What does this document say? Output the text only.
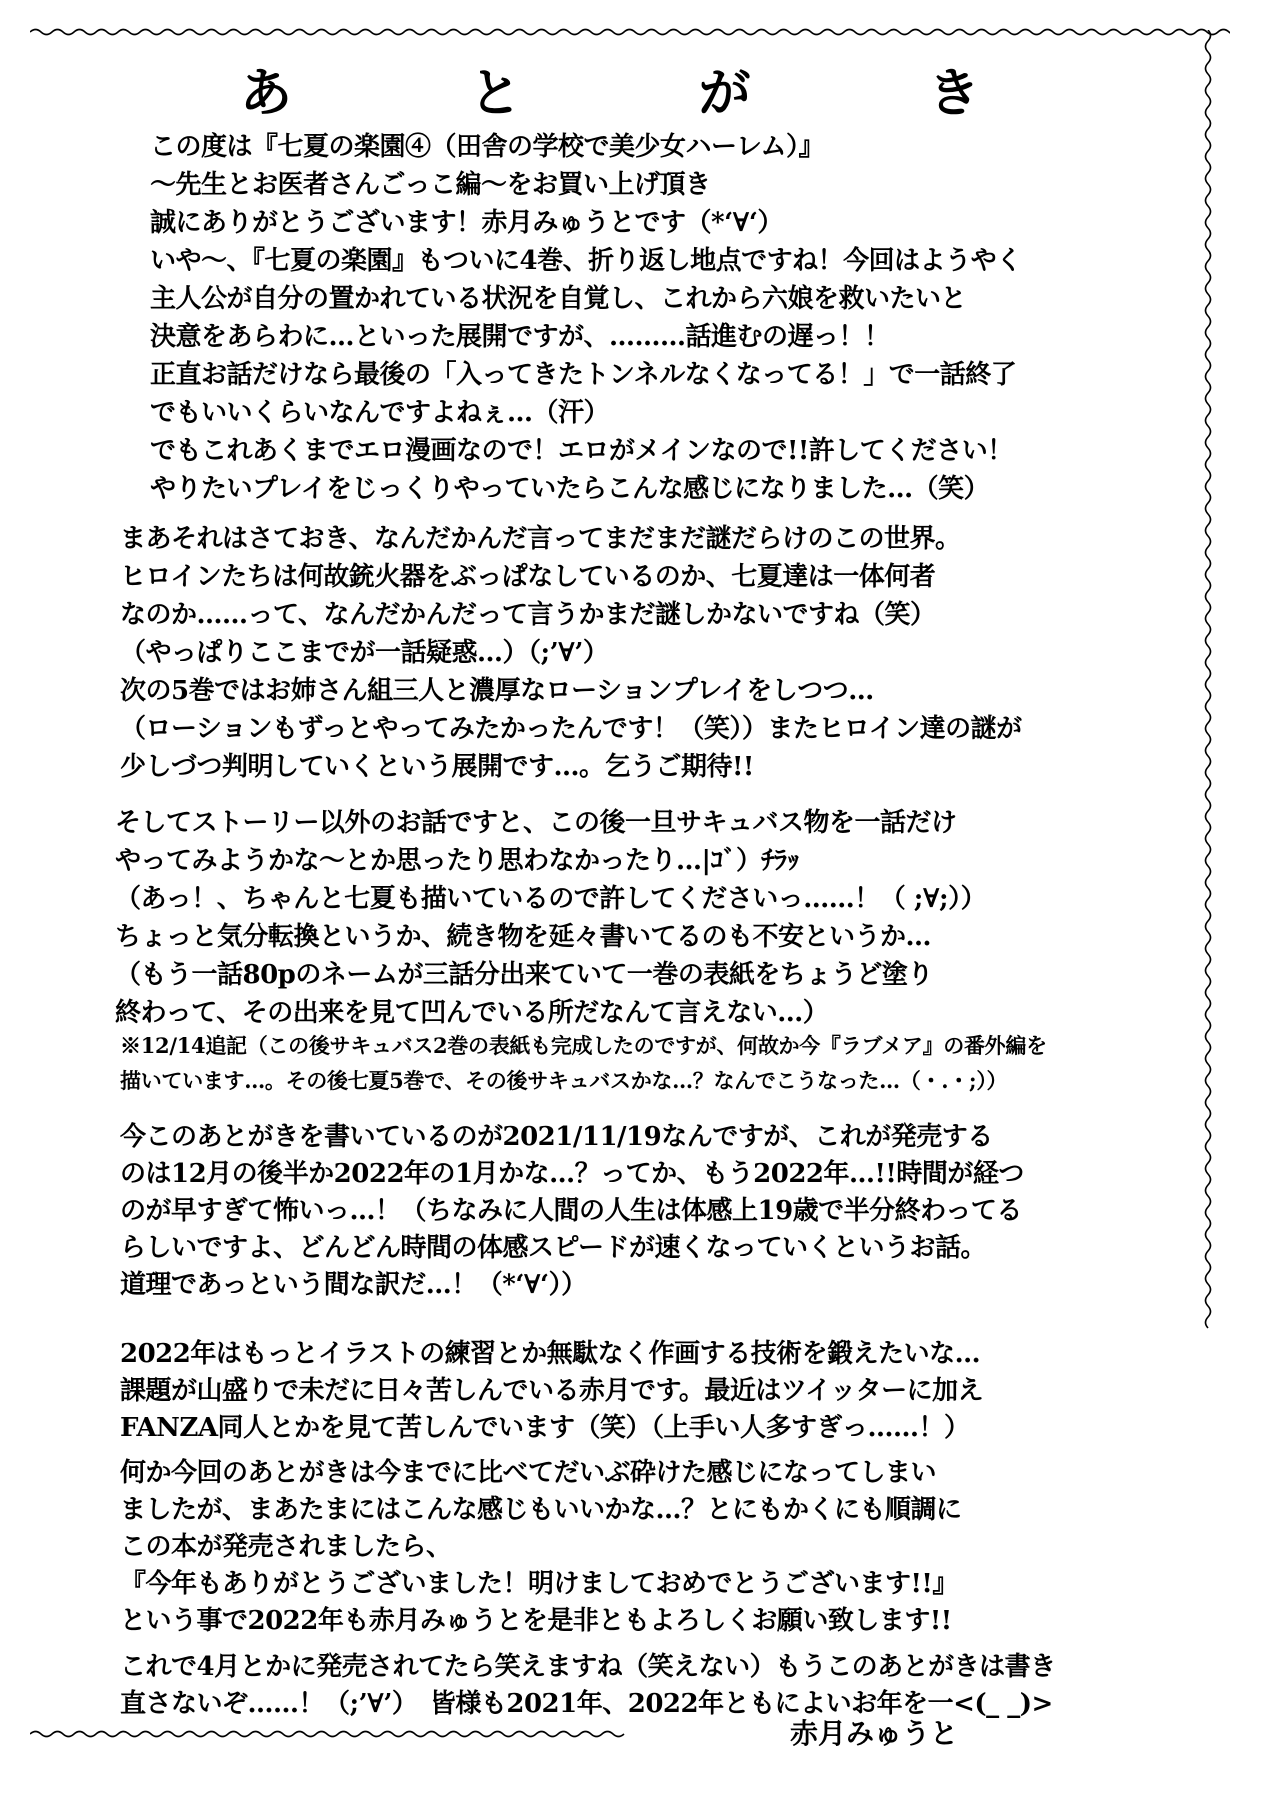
あ	と	が	き
この度は『七夏の楽園④（田舎の学校で美少女ハーレム）』
～先生とお医者さんごっこ編～をお買い上げ頂き
誠にありがとうございます！赤月みゅうとです（*‘∀‘）
いや～、『七夏の楽園』もついに4巻、折り返し地点ですね！今回はようやく
主人公が自分の置かれている状況を自覚し、これから六娘を救いたいと
決意をあらわに…といった展開ですが、………話進むの遅っ！！
正直お話だけなら最後の「入ってきたトンネルなくなってる！」で一話終了
でもいいくらいなんですよねぇ…（汗）
でもこれあくまでエロ漫画なので！エロがメインなので!!許してください！
やりたいプレイをじっくりやっていたらこんな感じになりました…（笑）
まあそれはさておき、なんだかんだ言ってまだまだ謎だらけのこの世界。
ヒロインたちは何故銃火器をぶっぱなしているのか、七夏達は一体何者
なのか……って、なんだかんだって言うかまだ謎しかないですね（笑）
（やっぱりここまでが一話疑惑…）（;’∀’）
次の5巻ではお姉さん組三人と濃厚なローションプレイをしつつ…
（ローションもずっとやってみたかったんです！（笑））またヒロイン達の謎が
少しづつ判明していくという展開です…。乞うご期待!!
そしてストーリー以外のお話ですと、この後一旦サキュバス物を一話だけ
やってみようかな～とか思ったり思わなかったり…|ｺﾞ）ﾁﾗｯ
（あっ！、ちゃんと七夏も描いているので許してくださいっ……！（ ;∀;））
ちょっと気分転換というか、続き物を延々書いてるのも不安というか…
（もう一話80pのネームが三話分出来ていて一巻の表紙をちょうど塗り
終わって、その出来を見て凹んでいる所だなんて言えない…）
※12/14追記（この後サキュバス2巻の表紙も完成したのですが、何故か今『ラブメア』の番外編を
描いています…。その後七夏5巻で、その後サキュバスかな…？なんでこうなった…（・.・;））
今このあとがきを書いているのが2021/11/19なんですが、これが発売する
のは12月の後半か2022年の1月かな…？ってか、もう2022年…!!時間が経つ
のが早すぎて怖いっ…！（ちなみに人間の人生は体感上19歳で半分終わってる
らしいですよ、どんどん時間の体感スピードが速くなっていくというお話。
道理であっという間な訳だ…！（*‘∀‘））
2022年はもっとイラストの練習とか無駄なく作画する技術を鍛えたいな…
課題が山盛りで未だに日々苦しんでいる赤月です。最近はツイッターに加え
FANZA同人とかを見て苦しんでいます（笑）（上手い人多すぎっ……！）
何か今回のあとがきは今までに比べてだいぶ砕けた感じになってしまい
ましたが、まあたまにはこんな感じもいいかな…？とにもかくにも順調に
この本が発売されましたら、
『今年もありがとうございました！明けましておめでとうございます!!』
という事で2022年も赤月みゅうとを是非ともよろしくお願い致します!!
これで4月とかに発売されてたら笑えますね（笑えない）もうこのあとがきは書き
直さないぞ……！（;’∀’）　皆様も2021年、2022年ともによいお年を一<(_ _)>
赤月みゅうと
